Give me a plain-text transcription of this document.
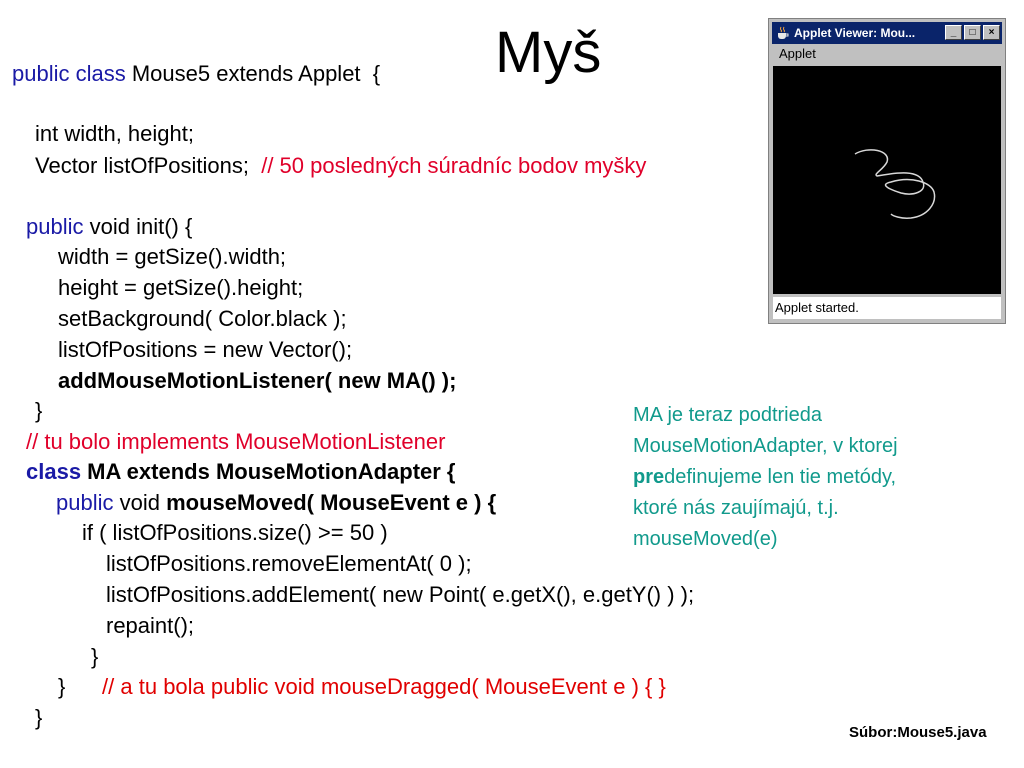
Myš
public class Mouse5 extends Applet  {
int width, height;
Vector listOfPositions; // 50 posledných súradníc bodov myšky
public void init() {
width = getSize().width;
height = getSize().height;
setBackground( Color.black );
listOfPositions = new Vector();
addMouseMotionListener( new MA() );
}
// tu bolo implements MouseMotionListener
class MA extends MouseMotionAdapter {
public void mouseMoved( MouseEvent e ) {
if ( listOfPositions.size() >= 50 )
listOfPositions.removeElementAt( 0 );
listOfPositions.addElement( new Point( e.getX(), e.getY() ) );
repaint();
}
} // a tu bola public void mouseDragged( MouseEvent e ) { }
}
Applet Viewer: Mou...	_	□	×
Applet
Applet started.
MA je teraz podtrieda
MouseMotionAdapter, v ktorej
predefinujeme len tie metódy,
ktoré nás zaujímajú, t.j.
mouseMoved(e)
Súbor:Mouse5.java
